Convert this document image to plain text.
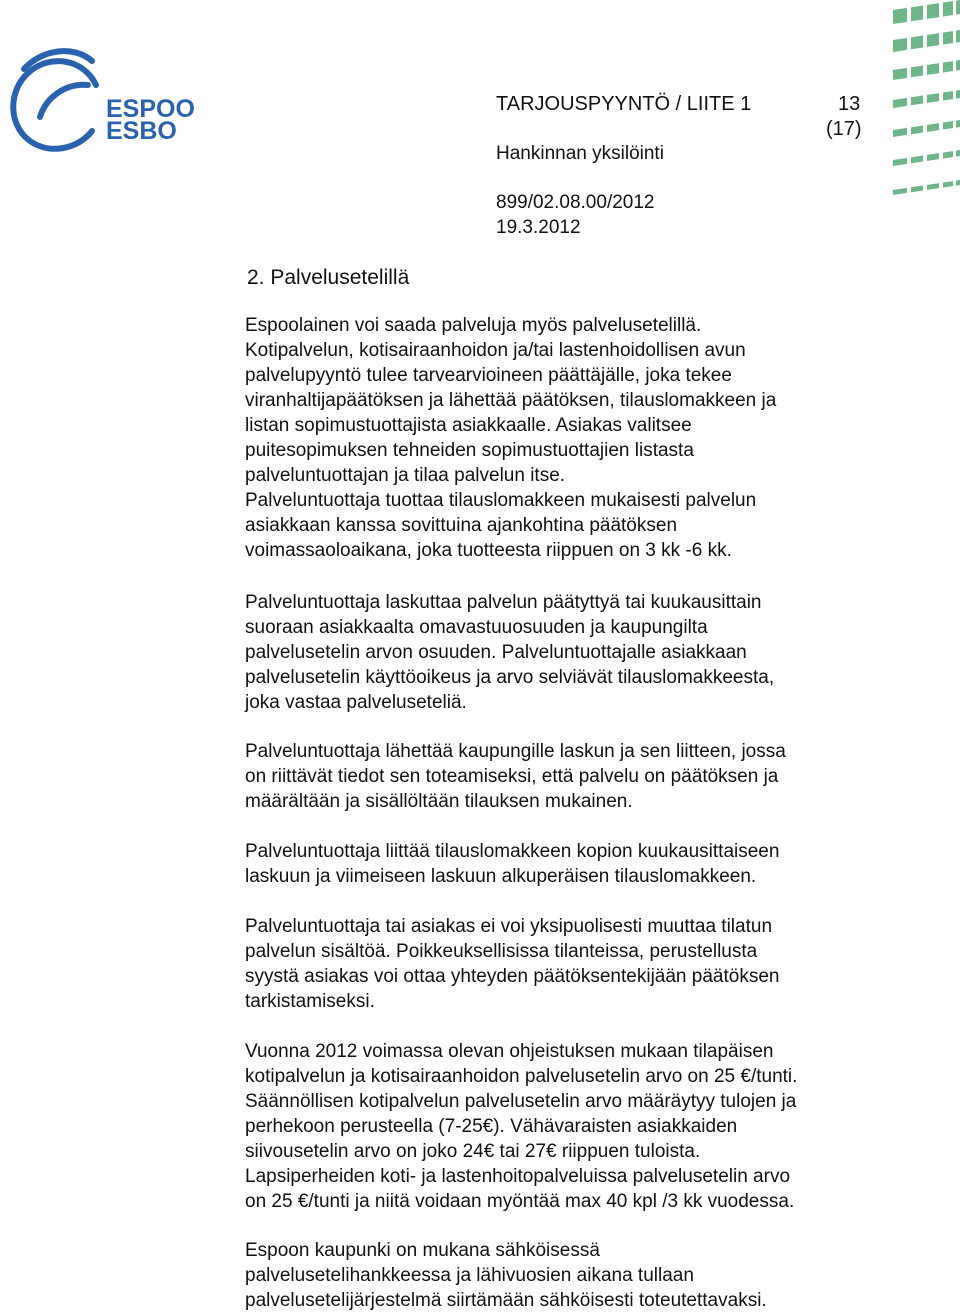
ESPOO
ESBO
TARJOUSPYYNTÖ / LIITE 1	13
(17)
Hankinnan yksilöinti
899/02.08.00/2012
19.3.2012
2. Palvelusetelillä
Espoolainen voi saada palveluja myös palvelusetelillä.
Kotipalvelun, kotisairaanhoidon ja/tai lastenhoidollisen avun
palvelupyyntö tulee tarvearvioineen päättäjälle, joka tekee
viranhaltijapäätöksen ja lähettää päätöksen, tilauslomakkeen ja
listan sopimustuottajista asiakkaalle. Asiakas valitsee
puitesopimuksen tehneiden sopimustuottajien listasta
palveluntuottajan ja tilaa palvelun itse.
Palveluntuottaja tuottaa tilauslomakkeen mukaisesti palvelun
asiakkaan kanssa sovittuina ajankohtina päätöksen
voimassaoloaikana, joka tuotteesta riippuen on 3 kk -6 kk.
Palveluntuottaja laskuttaa palvelun päätyttyä tai kuukausittain
suoraan asiakkaalta omavastuuosuuden ja kaupungilta
palvelusetelin arvon osuuden. Palveluntuottajalle asiakkaan
palvelusetelin käyttöoikeus ja arvo selviävät tilauslomakkeesta,
joka vastaa palveluseteliä.
Palveluntuottaja lähettää kaupungille laskun ja sen liitteen, jossa
on riittävät tiedot sen toteamiseksi, että palvelu on päätöksen ja
määrältään ja sisällöltään tilauksen mukainen.
Palveluntuottaja liittää tilauslomakkeen kopion kuukausittaiseen
laskuun ja viimeiseen laskuun alkuperäisen tilauslomakkeen.
Palveluntuottaja tai asiakas ei voi yksipuolisesti muuttaa tilatun
palvelun sisältöä. Poikkeuksellisissa tilanteissa, perustellusta
syystä asiakas voi ottaa yhteyden päätöksentekijään päätöksen
tarkistamiseksi.
Vuonna 2012 voimassa olevan ohjeistuksen mukaan tilapäisen
kotipalvelun ja kotisairaanhoidon palvelusetelin arvo on 25 €/tunti.
Säännöllisen kotipalvelun palvelusetelin arvo määräytyy tulojen ja
perhekoon perusteella (7-25€). Vähävaraisten asiakkaiden
siivousetelin arvo on joko 24€ tai 27€ riippuen tuloista.
Lapsiperheiden koti- ja lastenhoitopalveluissa palvelusetelin arvo
on 25 €/tunti ja niitä voidaan myöntää max 40 kpl /3 kk vuodessa.
Espoon kaupunki on mukana sähköisessä
palvelusetelihankkeessa ja lähivuosien aikana tullaan
palvelusetelijärjestelmä siirtämään sähköisesti toteutettavaksi.
